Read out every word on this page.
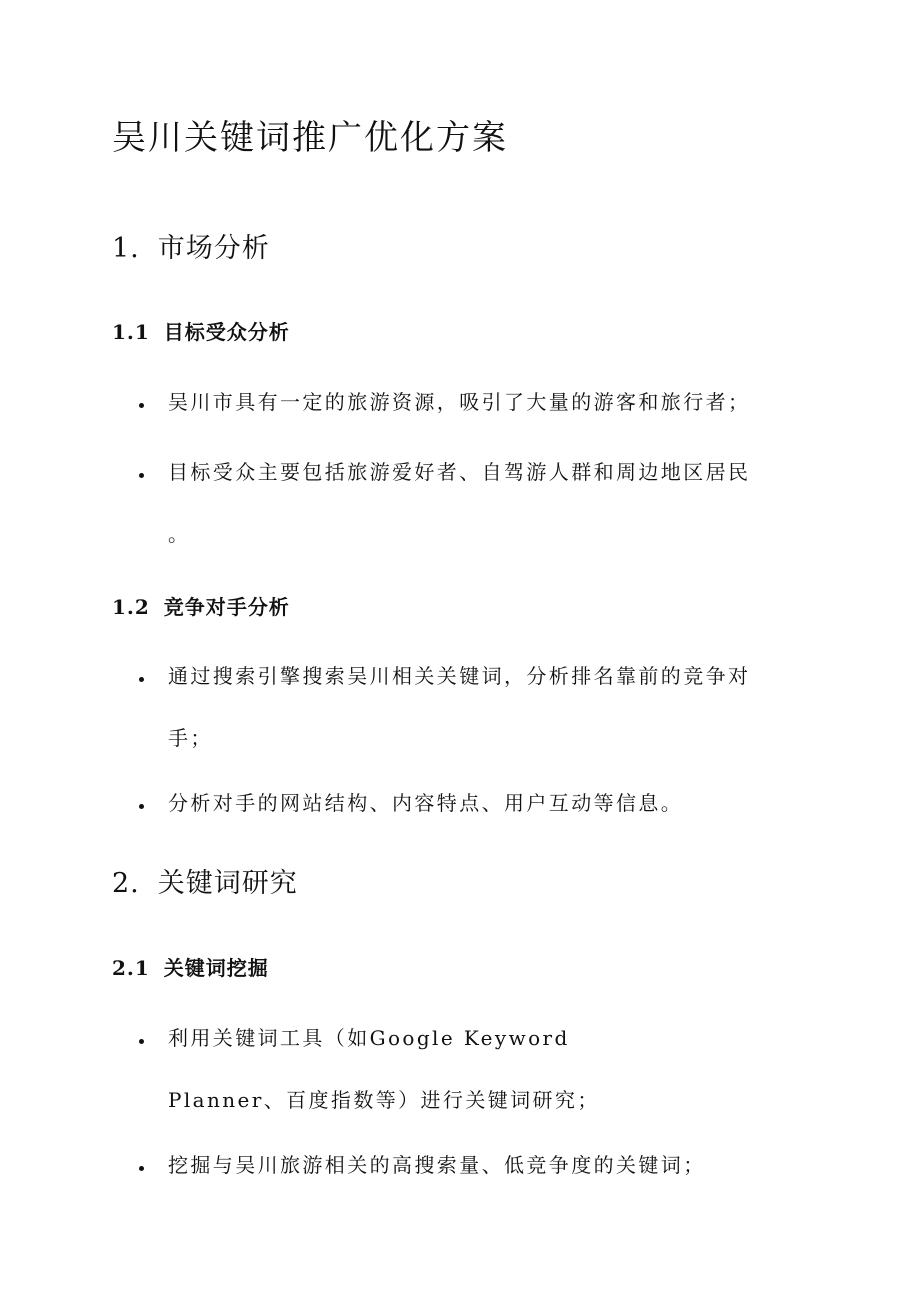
吴川关键词推广优化方案
1. 市场分析
1.1 目标受众分析

吴川市具有一定的旅游资源，吸引了大量的游客和旅行者；

目标受众主要包括旅游爱好者、自驾游人群和周边地区居民
。

1.2 竞争对手分析

通过搜索引擎搜索吴川相关关键词，分析排名靠前的竞争对
手；

分析对手的网站结构、内容特点、用户互动等信息。

2. 关键词研究
2.1 关键词挖掘

利用关键词工具（如Google Keyword
Planner、百度指数等）进行关键词研究；

挖掘与吴川旅游相关的高搜索量、低竞争度的关键词；
